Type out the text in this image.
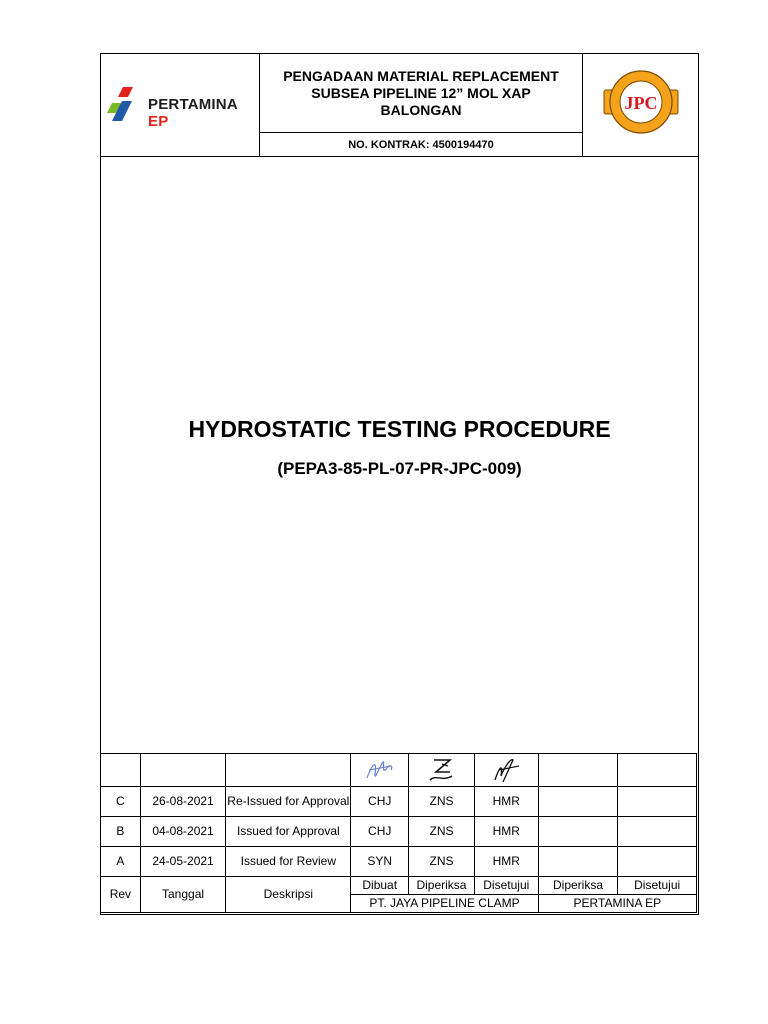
PERTAMINA EP
PENGADAAN MATERIAL REPLACEMENT
SUBSEA PIPELINE 12” MOL XAP
BALONGAN
NO. KONTRAK: 4500194470
JPC
HYDROSTATIC TESTING PROCEDURE
(PEPA3-85-PL-07-PR-JPC-009)

C	26-08-2021	Re-Issued for Approval	CHJ	ZNS	HMR		
B	04-08-2021	Issued for Approval	CHJ	ZNS	HMR		
A	24-05-2021	Issued for Review	SYN	ZNS	HMR		
Rev	Tanggal	Deskripsi	Dibuat	Diperiksa	Disetujui	Diperiksa	Disetujui
			PT. JAYA PIPELINE CLAMP			PERTAMINA EP	
